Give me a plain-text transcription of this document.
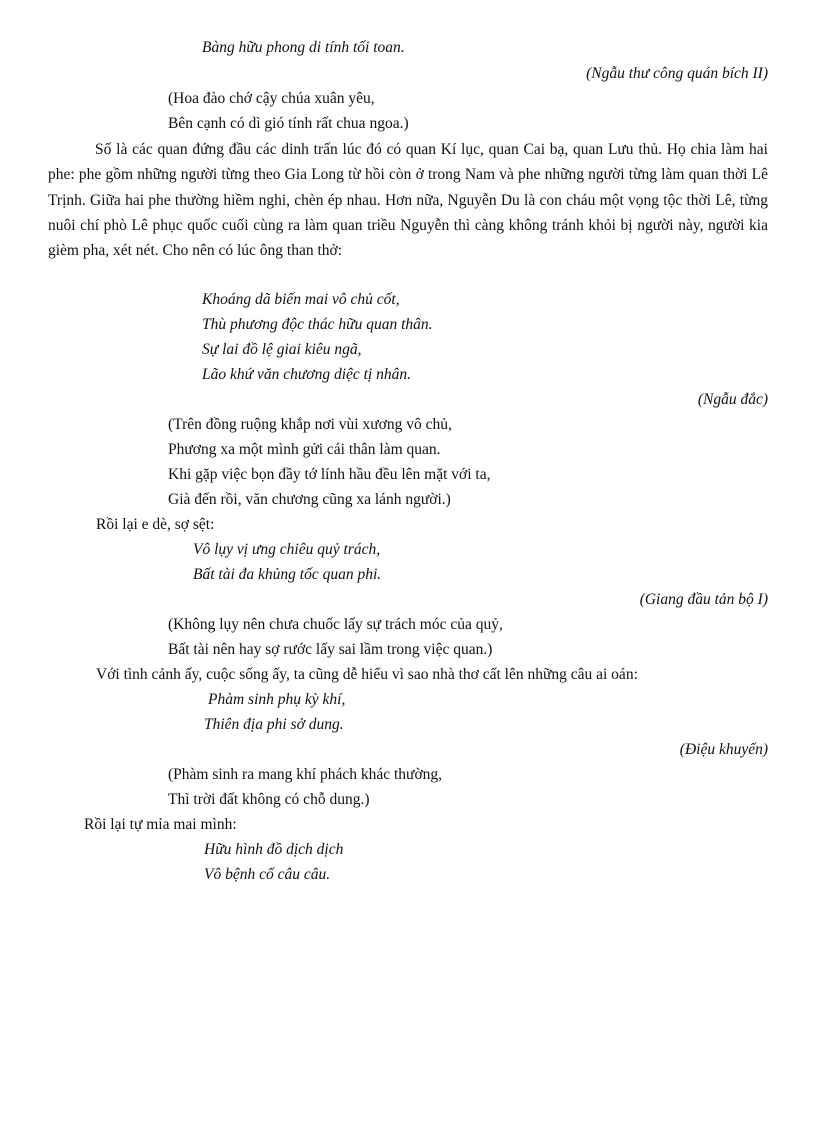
Bàng hữu phong di tính tối toan.
(Ngẫu thư công quán bích II)
(Hoa đào chớ cậy chúa xuân yêu,
Bên cạnh có dì gió tính rất chua ngoa.)
Số là các quan đứng đầu các dinh trấn lúc đó có quan Kí lục, quan Cai bạ, quan Lưu thủ. Họ chia làm hai phe: phe gồm những người từng theo Gia Long từ hồi còn ở trong Nam và phe những người từng làm quan thời Lê Trịnh. Giữa hai phe thường hiềm nghi, chèn ép nhau. Hơn nữa, Nguyễn Du là con cháu một vọng tộc thời Lê, từng nuôi chí phò Lê phục quốc cuối cùng ra làm quan triều Nguyễn thì càng không tránh khỏi bị người này, người kia gièm pha, xét nét. Cho nên có lúc ông than thở:
Khoáng dã biến mai vô chủ cốt,
Thù phương độc thác hữu quan thân.
Sự lai đồ lệ giai kiêu ngã,
Lão khứ văn chương diệc tị nhân.
(Ngẫu đắc)
(Trên đồng ruộng khắp nơi vùi xương vô chủ,
Phương xa một mình gửi cái thân làm quan.
Khi gặp việc bọn đầy tớ lính hầu đều lên mặt với ta,
Già đến rồi, văn chương cũng xa lánh người.)
Rồi lại e dè, sợ sệt:
Vô lụy vị ưng chiêu quỷ trách,
Bất tài đa khủng tốc quan phi.
(Giang đầu tản bộ I)
(Không lụy nên chưa chuốc lấy sự trách móc của quỷ,
Bất tài nên hay sợ rước lấy sai lầm trong việc quan.)
Với tình cảnh ấy, cuộc sống ấy, ta cũng dễ hiểu vì sao nhà thơ cất lên những câu ai oán:
Phàm sinh phụ kỳ khí,
Thiên địa phi sở dung.
(Điệu khuyển)
(Phàm sinh ra mang khí phách khác thường,
Thì trời đất không có chỗ dung.)
Rồi lại tự mỉa mai mình:
Hữu hình đồ dịch dịch
Vô bệnh cố câu câu.
